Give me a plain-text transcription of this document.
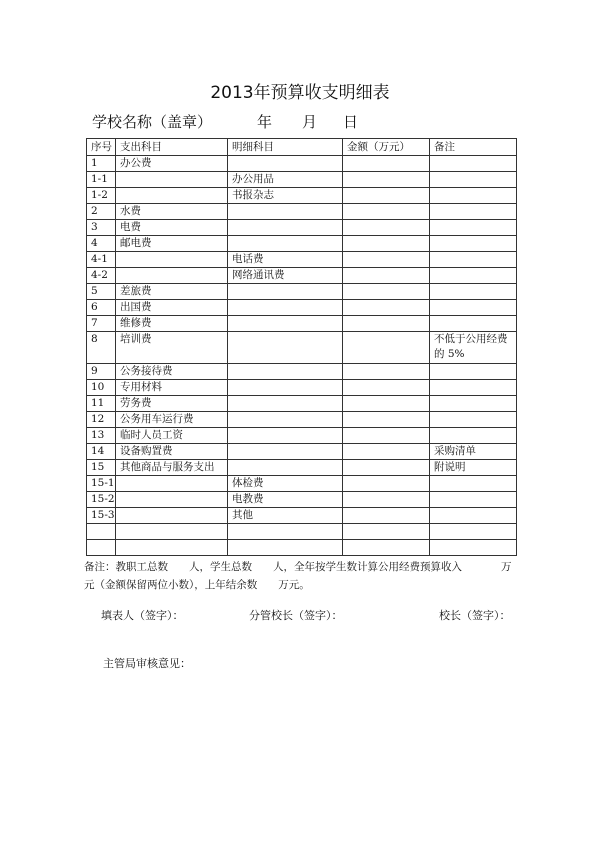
2013年预算收支明细表
学校名称（盖章）	年 月 日
序号	支出科目	明细科目	金额（万元）	备注
1	办公费			
1-1		办公用品		
1-2		书报杂志		
2	水费			
3	电费			
4	邮电费			
4-1		电话费		
4-2		网络通讯费		
5	差旅费			
6	出国费			
7	维修费			
8	培训费			不低于公用经费的 5%
9	公务接待费			
10	专用材料			
11	劳务费			
12	公务用车运行费			
13	临时人员工资			
14	设备购置费			采购清单
15	其他商品与服务支出			附说明
15-1		体检费		
15-2		电教费		
15-3		其他		

备注：教职工总数　　人，学生总数　　人，全年按学生数计算公用经费预算收入	万
元（金额保留两位小数），上年结余数　　万元。
填表人（签字）：	分管校长（签字）：	校长（签字）：
主管局审核意见：
